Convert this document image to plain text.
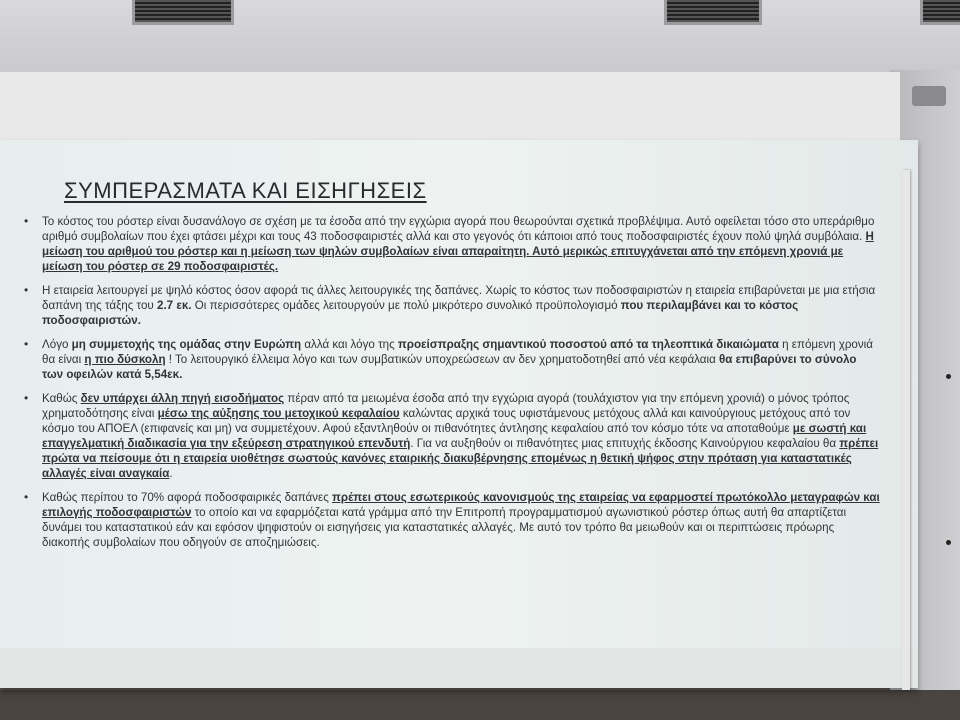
ΣΥΜΠΕΡΑΣΜΑΤΑ ΚΑΙ ΕΙΣΗΓΗΣΕΙΣ
• Το κόστος του ρόστερ είναι δυσανάλογο σε σχέση με τα έσοδα από την εγχώρια αγορά που θεωρούνται σχετικά προβλέψιμα. Αυτό οφείλεται τόσο στο υπεράριθμο αριθμό συμβολαίων που έχει φτάσει μέχρι και τους 43 ποδοσφαιριστές αλλά και στο γεγονός ότι κάποιοι από τους ποδοσφαιριστές έχουν πολύ ψηλά συμβόλαια. Η μείωση του αριθμού του ρόστερ και η μείωση των ψηλών συμβολαίων είναι απαραίτητη. Αυτό μερικώς επιτυγχάνεται από την επόμενη χρονιά με μείωση του ρόστερ σε 29 ποδοσφαιριστές.
• Η εταιρεία λειτουργεί με ψηλό κόστος όσον αφορά τις άλλες λειτουργικές της δαπάνες. Χωρίς το κόστος των ποδοσφαιριστών η εταιρεία επιβαρύνεται με μια ετήσια δαπάνη της τάξης του 2.7 εκ. Οι περισσότερες ομάδες λειτουργούν με πολύ μικρότερο συνολικό προϋπολογισμό που περιλαμβάνει και το κόστος ποδοσφαιριστών.
• Λόγο μη συμμετοχής της ομάδας στην Ευρώπη αλλά και λόγο της προείσπραξης σημαντικού ποσοστού από τα τηλεοπτικά δικαιώματα η επόμενη χρονιά θα είναι η πιο δύσκολη ! Το λειτουργικό έλλειμα λόγο και των συμβατικών υποχρεώσεων αν δεν χρηματοδοτηθεί από νέα κεφάλαια θα επιβαρύνει το σύνολο των οφειλών κατά 5,54εκ.
• Καθώς δεν υπάρχει άλλη πηγή εισοδήματος πέραν από τα μειωμένα έσοδα από την εγχώρια αγορά (τουλάχιστον για την επόμενη χρονιά) ο μόνος τρόπος χρηματοδότησης είναι μέσω της αύξησης του μετοχικού κεφαλαίου καλώντας αρχικά τους υφιστάμενους μετόχους αλλά και καινούργιους μετόχους από τον κόσμο του ΑΠΟΕΛ (επιφανείς και μη) να συμμετέχουν. Αφού εξαντληθούν οι πιθανότητες άντλησης κεφαλαίου από τον κόσμο τότε να αποταθούμε με σωστή και επαγγελματική διαδικασία για την εξεύρεση στρατηγικού επενδυτή. Για να αυξηθούν οι πιθανότητες μιας επιτυχής έκδοσης Καινούργιου κεφαλαίου θα πρέπει πρώτα να πείσουμε ότι η εταιρεία υιοθέτησε σωστούς κανόνες εταιρικής διακυβέρνησης επομένως η θετική ψήφος στην πρόταση για καταστατικές αλλαγές είναι αναγκαία.
• Καθώς περίπου το 70% αφορά ποδοσφαιρικές δαπάνες πρέπει στους εσωτερικούς κανονισμούς της εταιρείας να εφαρμοστεί πρωτόκολλο μεταγραφών και επιλογής ποδοσφαιριστών το οποίο και να εφαρμόζεται κατά γράμμα από την Επιτροπή προγραμματισμού αγωνιστικού ρόστερ όπως αυτή θα απαρτίζεται δυνάμει του καταστατικού εάν και εφόσον ψηφιστούν οι εισηγήσεις για καταστατικές αλλαγές. Με αυτό τον τρόπο θα μειωθούν και οι περιπτώσεις πρόωρης διακοπής συμβολαίων που οδηγούν σε αποζημιώσεις.
